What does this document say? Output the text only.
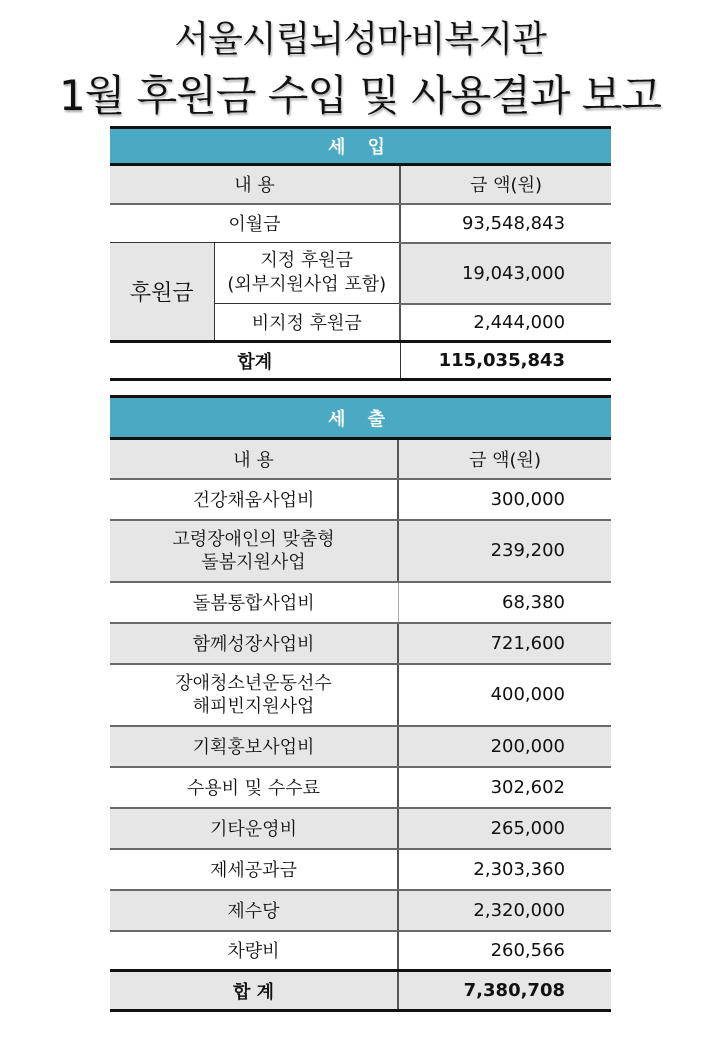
서울시립뇌성마비복지관
1월 후원금 수입 및 사용결과 보고
세 입		
내 용		금 액(원)
이월금		93,548,843
후원금	지정 후원금
(외부지원사업 포함)	19,043,000
	비지정 후원금	2,444,000
합계		115,035,843
세 출	
내 용	금 액(원)
건강채움사업비	300,000

고령장애인의 맞춤형
돌봄지원사업	239,200
돌봄통합사업비	68,380
함께성장사업비	721,600

장애청소년운동선수
해피빈지원사업	400,000
기획홍보사업비	200,000
수용비 및 수수료	302,602
기타운영비	265,000
제세공과금	2,303,360
제수당	2,320,000
차량비	260,566
합 계	7,380,708
